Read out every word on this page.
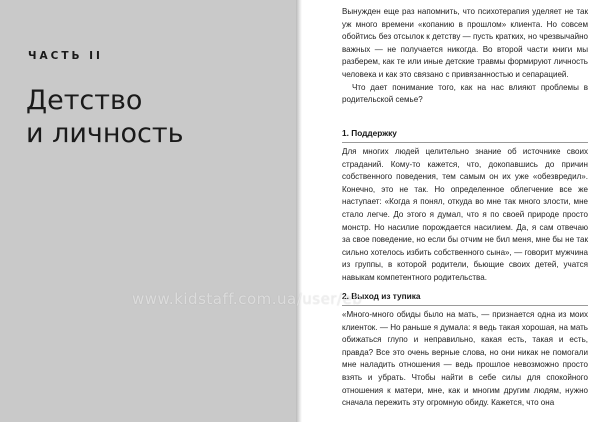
ЧАСТЬ II
Детство
и личность

Вынужден еще раз напомнить, что психотерапия уделяет не так уж много времени «копанию в прошлом» клиента. Но совсем обойтись без отсылок к детству — пусть кратких, но чрезвычайно важных — не получается никогда. Во второй части книги мы разберем, как те или иные детские травмы формируют личность человека и как это связано с привязанностью и сепарацией.

Что дает понимание того, как на нас влияют проблемы в родительской семье?

1. Поддержку

Для многих людей целительно знание об источнике своих страданий. Кому-то кажется, что, докопавшись до причин собственного поведения, тем самым он их уже «обезвредил». Конечно, это не так. Но определенное облегчение все же наступает: «Когда я понял, откуда во мне так много злости, мне стало легче. До этого я думал, что я по своей природе просто монстр. Но насилие порождается насилием. Да, я сам отвечаю за свое поведение, но если бы отчим не бил меня, мне бы не так сильно хотелось избить собственного сына», — говорит мужчина из группы, в которой родители, бьющие своих детей, учатся навыкам компетентного родительства.

2. Выход из тупика

«Много-много обиды было на мать, — признается одна из моих клиенток. — Но раньше я думала: я ведь такая хорошая, на мать обижаться глупо и неправильно, какая есть, такая и есть, правда? Все это очень верные слова, но они никак не помогали мне наладить отношения — ведь прошлое невозможно просто взять и убрать. Чтобы найти в себе силы для спокойного отношения к матери, мне, как и многим другим людям, нужно сначала пережить эту огромную обиду. Кажется, что она

www.kidstaff.com.ua/user/eb
